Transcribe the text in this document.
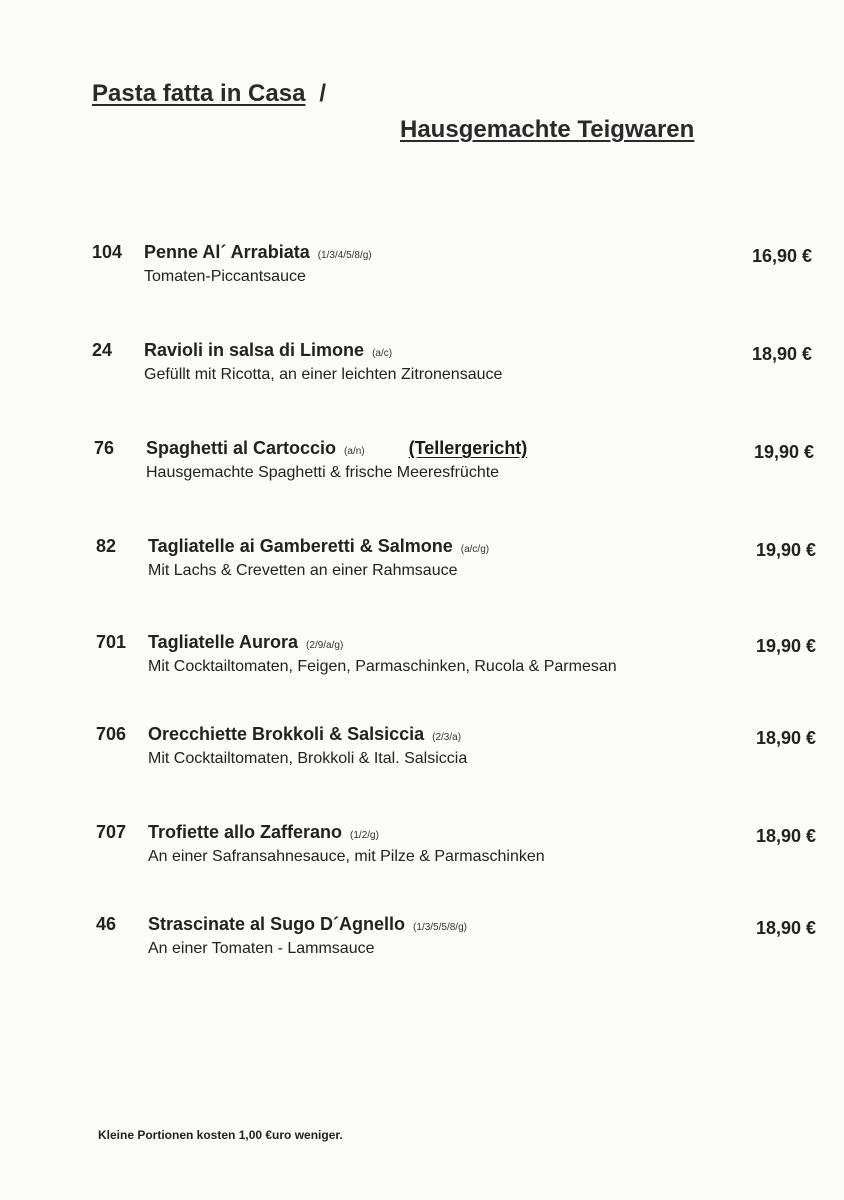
Pasta fatta in Casa /
Hausgemachte Teigwaren
104 Penne Al´ Arrabiata (1/3/4/5/8/g)
Tomaten-Piccantsauce
16,90 €
24 Ravioli in salsa di Limone (a/c)
Gefüllt mit Ricotta, an einer leichten Zitronensauce
18,90 €
76 Spaghetti al Cartoccio (a/n) (Tellergericht)
Hausgemachte Spaghetti & frische Meeresfrüchte
19,90 €
82 Tagliatelle ai Gamberetti & Salmone (a/c/g)
Mit Lachs & Crevetten an einer Rahmsauce
19,90 €
701 Tagliatelle Aurora (2/9/a/g)
Mit Cocktailtomaten, Feigen, Parmaschinken, Rucola & Parmesan
19,90 €
706 Orecchiette Brokkoli & Salsiccia (2/3/a)
Mit Cocktailtomaten, Brokkoli & Ital. Salsiccia
18,90 €
707 Trofiette allo Zafferano (1/2/g)
An einer Safransahnesauce, mit Pilze & Parmaschinken
18,90 €
46 Strascinate al Sugo D´Agnello (1/3/5/5/8/g)
An einer Tomaten - Lammsauce
18,90 €
Kleine Portionen kosten 1,00 €uro weniger.
